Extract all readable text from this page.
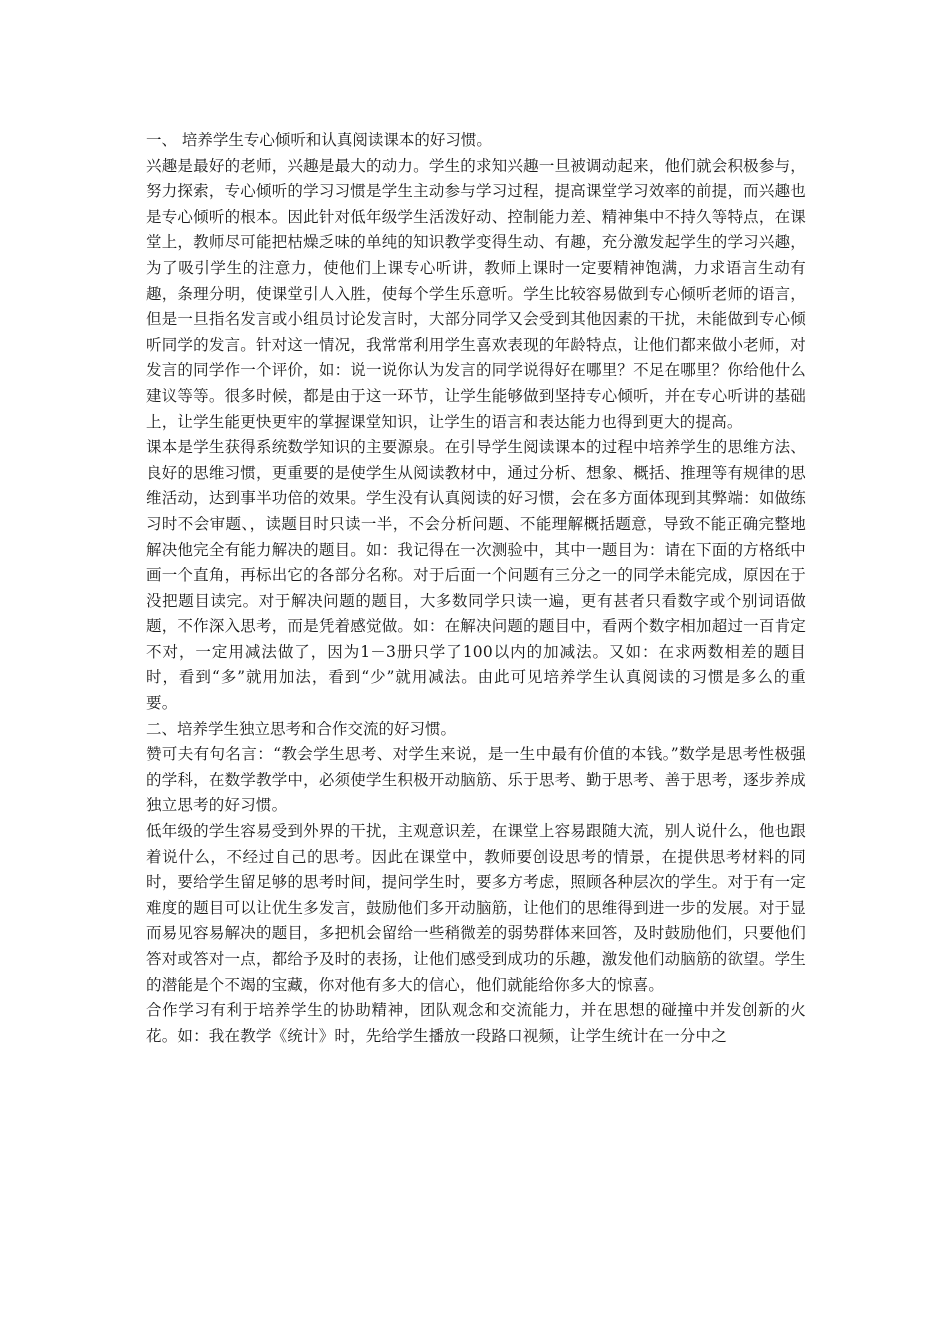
一、 培养学生专心倾听和认真阅读课本的好习惯。

兴趣是最好的老师，兴趣是最大的动力。学生的求知兴趣一旦被调动起来，他们就会积极参与，努力探索，专心倾听的学习习惯是学生主动参与学习过程，提高课堂学习效率的前提，而兴趣也是专心倾听的根本。因此针对低年级学生活泼好动、控制能力差、精神集中不持久等特点，在课堂上，教师尽可能把枯燥乏味的单纯的知识教学变得生动、有趣，充分激发起学生的学习兴趣，为了吸引学生的注意力，使他们上课专心听讲，教师上课时一定要精神饱满，力求语言生动有趣，条理分明，使课堂引人入胜，使每个学生乐意听。学生比较容易做到专心倾听老师的语言，但是一旦指名发言或小组员讨论发言时，大部分同学又会受到其他因素的干扰，未能做到专心倾听同学的发言。针对这一情况，我常常利用学生喜欢表现的年龄特点，让他们都来做小老师，对发言的同学作一个评价，如：说一说你认为发言的同学说得好在哪里？不足在哪里？你给他什么建议等等。很多时候，都是由于这一环节，让学生能够做到坚持专心倾听，并在专心听讲的基础上，让学生能更快更牢的掌握课堂知识，让学生的语言和表达能力也得到更大的提高。

课本是学生获得系统数学知识的主要源泉。在引导学生阅读课本的过程中培养学生的思维方法、良好的思维习惯，更重要的是使学生从阅读教材中，通过分析、想象、概括、推理等有规律的思维活动，达到事半功倍的效果。学生没有认真阅读的好习惯，会在多方面体现到其弊端：如做练习时不会审题、，读题目时只读一半，不会分析问题、不能理解概括题意，导致不能正确完整地解决他完全有能力解决的题目。如：我记得在一次测验中，其中一题目为：请在下面的方格纸中画一个直角，再标出它的各部分名称。对于后面一个问题有三分之一的同学未能完成，原因在于没把题目读完。对于解决问题的题目，大多数同学只读一遍，更有甚者只看数字或个别词语做题，不作深入思考，而是凭着感觉做。如：在解决问题的题目中，看两个数字相加超过一百肯定不对，一定用减法做了，因为1－3册只学了100以内的加减法。又如：在求两数相差的题目时，看到“多”就用加法，看到“少”就用减法。由此可见培养学生认真阅读的习惯是多么的重要。

二、培养学生独立思考和合作交流的好习惯。

赞可夫有句名言：“教会学生思考、对学生来说，是一生中最有价值的本钱。”数学是思考性极强的学科，在数学教学中，必须使学生积极开动脑筋、乐于思考、勤于思考、善于思考，逐步养成独立思考的好习惯。

低年级的学生容易受到外界的干扰，主观意识差，在课堂上容易跟随大流，别人说什么，他也跟着说什么，不经过自己的思考。因此在课堂中，教师要创设思考的情景，在提供思考材料的同时，要给学生留足够的思考时间，提问学生时，要多方考虑，照顾各种层次的学生。对于有一定难度的题目可以让优生多发言，鼓励他们多开动脑筋，让他们的思维得到进一步的发展。对于显而易见容易解决的题目，多把机会留给一些稍微差的弱势群体来回答，及时鼓励他们，只要他们答对或答对一点，都给予及时的表扬，让他们感受到成功的乐趣，激发他们动脑筋的欲望。学生的潜能是个不竭的宝藏，你对他有多大的信心，他们就能给你多大的惊喜。

合作学习有利于培养学生的协助精神，团队观念和交流能力，并在思想的碰撞中并发创新的火花。如：我在教学《统计》时，先给学生播放一段路口视频，让学生统计在一分中之
